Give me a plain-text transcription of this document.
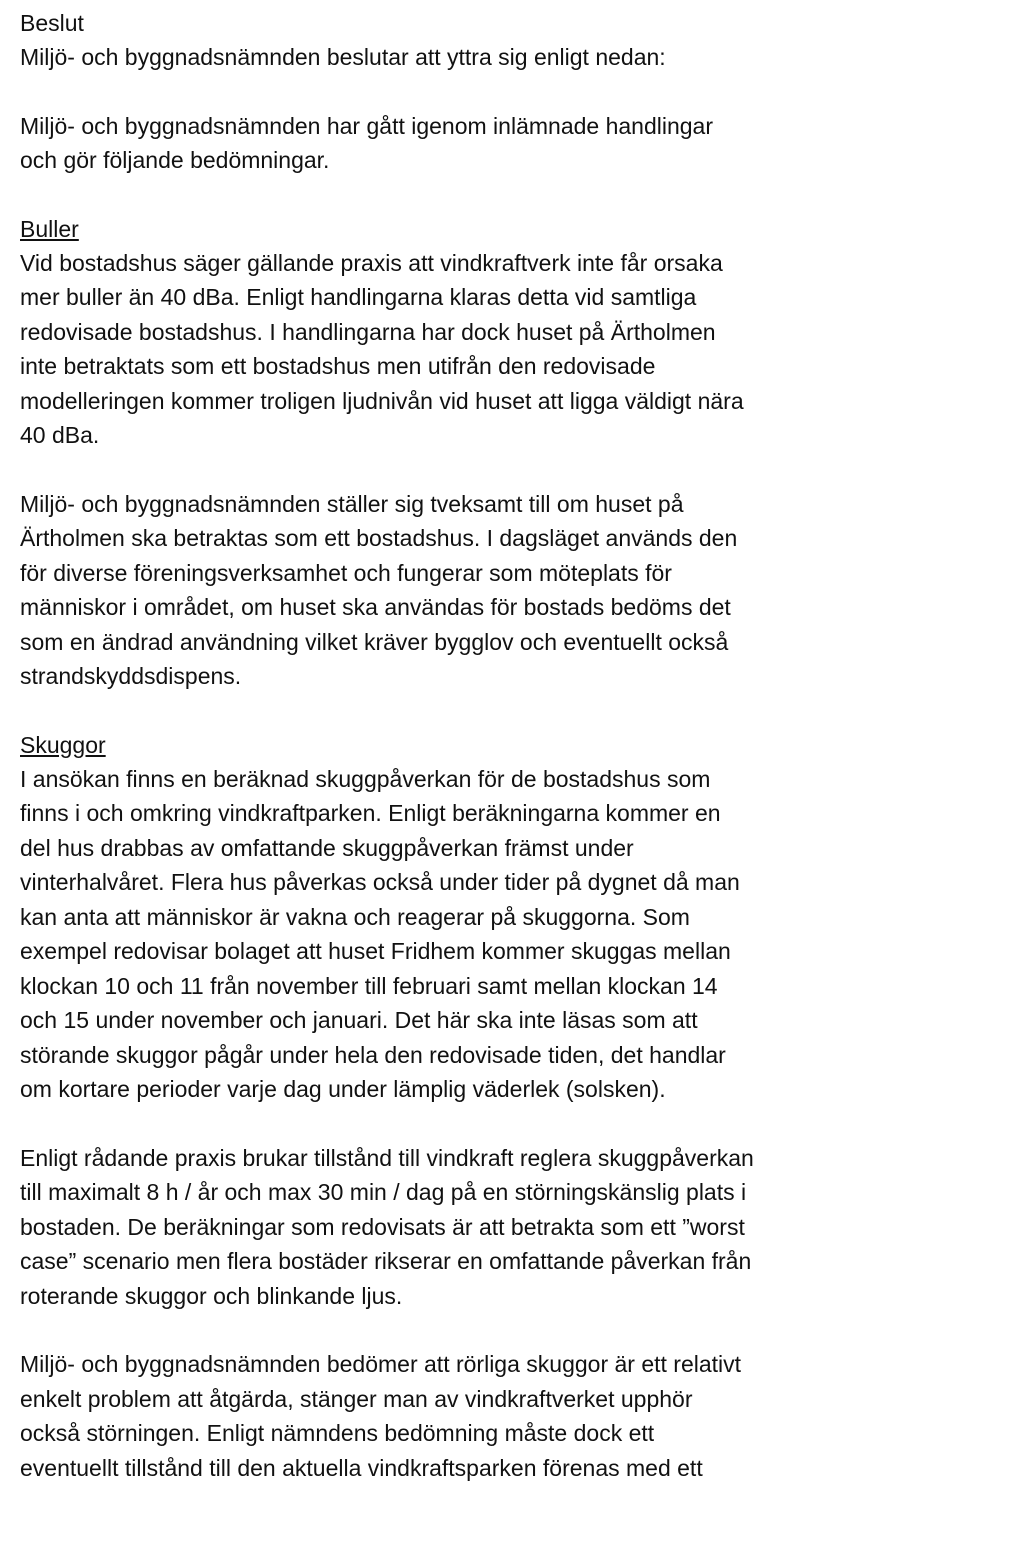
Beslut

Miljö- och byggnadsnämnden beslutar att yttra sig enligt nedan:

Miljö- och byggnadsnämnden har gått igenom inlämnade handlingar
och gör följande bedömningar.

Buller

Vid bostadshus säger gällande praxis att vindkraftverk inte får orsaka
mer buller än 40 dBa. Enligt handlingarna klaras detta vid samtliga
redovisade bostadshus. I handlingarna har dock huset på Ärtholmen
inte betraktats som ett bostadshus men utifrån den redovisade
modelleringen kommer troligen ljudnivån vid huset att ligga väldigt nära
40 dBa.

Miljö- och byggnadsnämnden ställer sig tveksamt till om huset på
Ärtholmen ska betraktas som ett bostadshus. I dagsläget används den
för diverse föreningsverksamhet och fungerar som möteplats för
människor i området, om huset ska användas för bostads bedöms det
som en ändrad användning vilket kräver bygglov och eventuellt också
strandskyddsdispens.

Skuggor

I ansökan finns en beräknad skuggpåverkan för de bostadshus som
finns i och omkring vindkraftparken. Enligt beräkningarna kommer en
del hus drabbas av omfattande skuggpåverkan främst under
vinterhalvåret. Flera hus påverkas också under tider på dygnet då man
kan anta att människor är vakna och reagerar på skuggorna. Som
exempel redovisar bolaget att huset Fridhem kommer skuggas mellan
klockan 10 och 11 från november till februari samt mellan klockan 14
och 15 under november och januari. Det här ska inte läsas som att
störande skuggor pågår under hela den redovisade tiden, det handlar
om kortare perioder varje dag under lämplig väderlek (solsken).

Enligt rådande praxis brukar tillstånd till vindkraft reglera skuggpåverkan
till maximalt 8 h / år och max 30 min / dag på en störningskänslig plats i
bostaden. De beräkningar som redovisats är att betrakta som ett ”worst
case” scenario men flera bostäder rikserar en omfattande påverkan från
roterande skuggor och blinkande ljus.

Miljö- och byggnadsnämnden bedömer att rörliga skuggor är ett relativt
enkelt problem att åtgärda, stänger man av vindkraftverket upphör
också störningen. Enligt nämndens bedömning måste dock ett
eventuellt tillstånd till den aktuella vindkraftsparken förenas med ett
